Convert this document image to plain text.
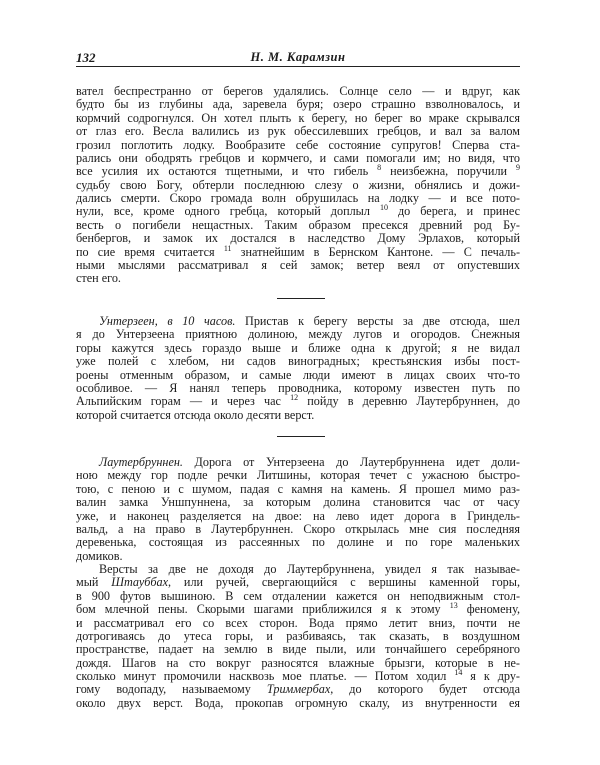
132	Н. М. Карамзин
вател беспрестранно от берегов удалялись. Солнце село — и вдруг, как
будто бы из глубины ада, заревела буря; озеро страшно взволновалось, и
кормчий содрогнулся. Он хотел плыть к берегу, но берег во мраке скрывался
от глаз его. Весла валились из рук обессилевших гребцов, и вал за валом
грозил поглотить лодку. Вообразите себе состояние супругов! Сперва ста-
рались они ободрять гребцов и кормчего, и сами помогали им; но видя, что
все усилия их остаются тщетными, и что гибель $^8$ неизбежна, поручили $^9$
судьбу свою Богу, обтерли последнюю слезу о жизни, обнялись и дожи-
дались смерти. Скоро громада волн обрушилась на лодку — и все пото-
нули, все, кроме одного гребца, который доплыл $^{10}$ до берега, и принес
весть о погибели нещастных. Таким образом пресекся древний род Бу-
бенбергов, и замок их достался в наследство Дому Эрлахов, который
по сие время считается $^{11}$ знатнейшим в Бернском Кантоне. — С печаль-
ными мыслями рассматривал я сей замок; ветер веял от опустевших
стен его.
Унтерзеен, в 10 часов. Пристав к берегу версты за две отсюда, шел
я до Унтерзеена приятною долиною, между лугов и огородов. Снежныя
горы кажутся здесь гораздо выше и ближе одна к другой; я не видал
уже полей с хлебом, ни садов виноградных; крестьянския избы пост-
роены отменным образом, и самые люди имеют в лицах своих что-то
особливое. — Я нанял теперь проводника, которому известен путь по
Альпийским горам — и через час $^{12}$ пойду в деревню Лаутербруннен, до
которой считается отсюда около десяти верст.
Лаутербруннен. Дорога от Унтерзеена до Лаутербруннена идет доли-
ною между гор подле речки Литшины, которая течет с ужасною быстро-
тою, с пеною и с шумом, падая с камня на камень. Я прошел мимо раз-
валин замка Уншпуннена, за которым долина становится час от часу
уже, и наконец разделяется на двое: на лево идет дорога в Гриндель-
вальд, а на право в Лаутербруннен. Скоро открылась мне сия последняя
деревенька, состоящая из рассеянных по долине и по горе маленьких
домиков.
Версты за две не доходя до Лаутербруннена, увидел я так называе-
мый Штауббах, или ручей, свергающийся с вершины каменной горы,
в 900 футов вышиною. В сем отдалении кажется он неподвижным стол-
бом млечной пены. Скорыми шагами приближился я к этому $^{13}$ феномену,
и рассматривал его со всех сторон. Вода прямо летит вниз, почти не
дотрогиваясь до утеса горы, и разбиваясь, так сказать, в воздушном
пространстве, падает на землю в виде пыли, или тончайшего серебряного
дождя. Шагов на сто вокруг разносятся влажные брызги, которые в не-
сколько минут промочили насквозь мое платье. — Потом ходил $^{14}$ я к дру-
гому водопаду, называемому Триммербах, до которого будет отсюда
около двух верст. Вода, прокопав огромную скалу, из внутренности ея
